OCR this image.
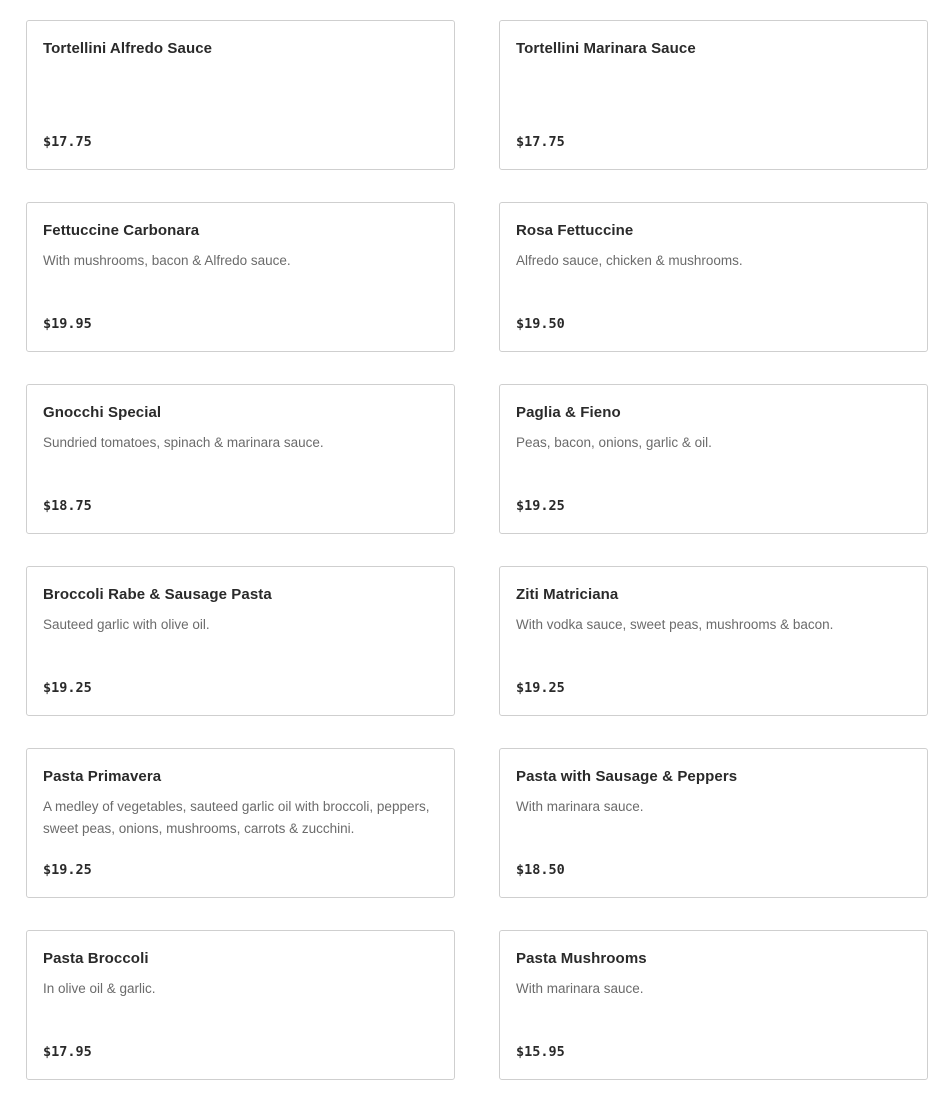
Tortellini Alfredo Sauce
$17.75
Tortellini Marinara Sauce
$17.75
Fettuccine Carbonara
With mushrooms, bacon & Alfredo sauce.
$19.95
Rosa Fettuccine
Alfredo sauce, chicken & mushrooms.
$19.50
Gnocchi Special
Sundried tomatoes, spinach & marinara sauce.
$18.75
Paglia & Fieno
Peas, bacon, onions, garlic & oil.
$19.25
Broccoli Rabe & Sausage Pasta
Sauteed garlic with olive oil.
$19.25
Ziti Matriciana
With vodka sauce, sweet peas, mushrooms & bacon.
$19.25
Pasta Primavera
A medley of vegetables, sauteed garlic oil with broccoli, peppers, sweet peas, onions, mushrooms, carrots & zucchini.
$19.25
Pasta with Sausage & Peppers
With marinara sauce.
$18.50
Pasta Broccoli
In olive oil & garlic.
$17.95
Pasta Mushrooms
With marinara sauce.
$15.95
